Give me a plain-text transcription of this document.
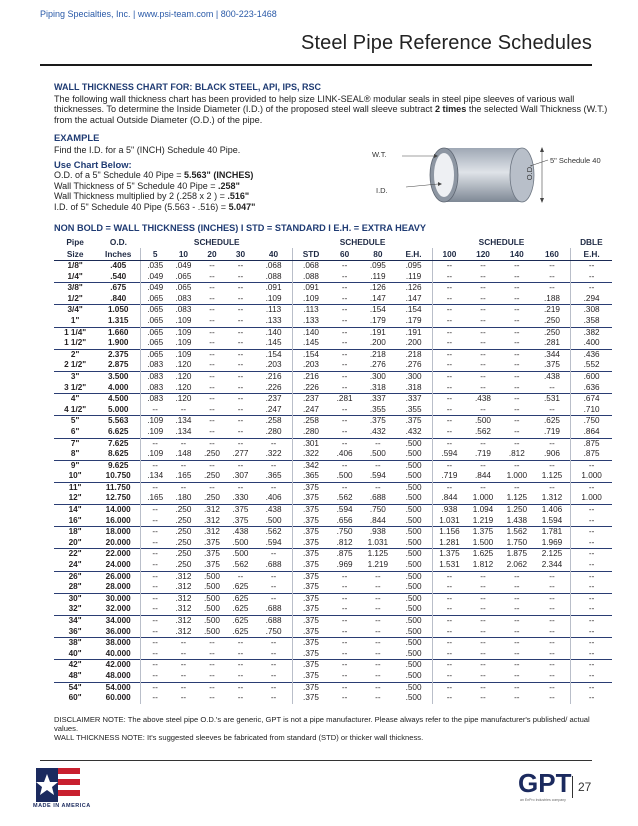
Piping Specialties, Inc. | www.psi-team.com | 800-223-1468
Steel Pipe Reference Schedules
WALL THICKNESS CHART FOR: BLACK STEEL, API, IPS, RSC
The following wall thickness chart has been provided to help size LINK-SEAL® modular seals in steel pipe sleeves of various wall thicknesses. To determine the Inside Diameter (I.D.) of the proposed steel wall sleeve subtract 2 times the selected Wall Thickness (W.T.) from the actual Outside Diameter (O.D.) of the pipe.
EXAMPLE
Find the I.D. for a 5" (INCH) Schedule 40 Pipe.
Use Chart Below:
O.D. of a 5" Schedule 40 Pipe = 5.563" (INCHES)
Wall Thickness of 5" Schedule 40 Pipe = .258"
Wall Thickness multiplied by 2 (.258 x 2 ) = .516"
I.D. of 5" Schedule 40 Pipe (5.563 - .516) = 5.047"
W.T.
I.D.
O.D.
5" Schedule 40
NON BOLD = WALL THICKNESS (INCHES) I STD = STANDARD I E.H. = EXTRA HEAVY
Pipe	O.D.	SCHEDULE					SCHEDULE				SCHEDULE				DBLE
Size	Inches	5	10	20	30	40	STD	60	80	E.H.	100	120	140	160	E.H.
1/8"	.405	.035	.049	--	--	.068	.068	--	.095	.095	--	--	--	--	--
1/4"	.540	.049	.065	--	--	.088	.088	--	.119	.119	--	--	--	--	--
3/8"	.675	.049	.065	--	--	.091	.091	--	.126	.126	--	--	--	--	--
1/2"	.840	.065	.083	--	--	.109	.109	--	.147	.147	--	--	--	.188	.294
3/4"	1.050	.065	.083	--	--	.113	.113	--	.154	.154	--	--	--	.219	.308
1"	1.315	.065	.109	--	--	.133	.133	--	.179	.179	--	--	--	.250	.358
1 1/4"	1.660	.065	.109	--	--	.140	.140	--	.191	.191	--	--	--	.250	.382
1 1/2"	1.900	.065	.109	--	--	.145	.145	--	.200	.200	--	--	--	.281	.400
2"	2.375	.065	.109	--	--	.154	.154	--	.218	.218	--	--	--	.344	.436
2 1/2"	2.875	.083	.120	--	--	.203	.203	--	.276	.276	--	--	--	.375	.552
3"	3.500	.083	.120	--	--	.216	.216	--	.300	.300	--	--	--	.438	.600
3 1/2"	4.000	.083	.120	--	--	.226	.226	--	.318	.318	--	--	--	--	.636
4"	4.500	.083	.120	--	--	.237	.237	.281	.337	.337	--	.438	--	.531	.674
4 1/2"	5.000	--	--	--	--	.247	.247	--	.355	.355	--	--	--	--	.710
5"	5.563	.109	.134	--	--	.258	.258	--	.375	.375	--	.500	--	.625	.750
6"	6.625	.109	.134	--	--	.280	.280	--	.432	.432	--	.562	--	.719	.864
7"	7.625	--	--	--	--	--	.301	--	--	.500	--	--	--	--	.875
8"	8.625	.109	.148	.250	.277	.322	.322	.406	.500	.500	.594	.719	.812	.906	.875
9"	9.625	--	--	--	--	--	.342	--	--	.500	--	--	--	--	--
10"	10.750	.134	.165	.250	.307	.365	.365	.500	.594	.500	.719	.844	1.000	1.125	1.000
11"	11.750	--	--	--	--	--	.375	--	--	.500	--	--	--	--	--
12"	12.750	.165	.180	.250	.330	.406	.375	.562	.688	.500	.844	1.000	1.125	1.312	1.000
14"	14.000	--	.250	.312	.375	.438	.375	.594	.750	.500	.938	1.094	1.250	1.406	--
16"	16.000	--	.250	.312	.375	.500	.375	.656	.844	.500	1.031	1.219	1.438	1.594	--
18"	18.000	--	.250	.312	.438	.562	.375	.750	.938	.500	1.156	1.375	1.562	1.781	--
20"	20.000	--	.250	.375	.500	.594	.375	.812	1.031	.500	1.281	1.500	1.750	1.969	--
22"	22.000	--	.250	.375	.500	--	.375	.875	1.125	.500	1.375	1.625	1.875	2.125	--
24"	24.000	--	.250	.375	.562	.688	.375	.969	1.219	.500	1.531	1.812	2.062	2.344	--
26"	26.000	--	.312	.500	--	--	.375	--	--	.500	--	--	--	--	--
28"	28.000	--	.312	.500	.625	--	.375	--	--	.500	--	--	--	--	--
30"	30.000	--	.312	.500	.625	--	.375	--	--	.500	--	--	--	--	--
32"	32.000	--	.312	.500	.625	.688	.375	--	--	.500	--	--	--	--	--
34"	34.000	--	.312	.500	.625	.688	.375	--	--	.500	--	--	--	--	--
36"	36.000	--	.312	.500	.625	.750	.375	--	--	.500	--	--	--	--	--
38"	38.000	--	--	--	--	--	.375	--	--	.500	--	--	--	--	--
40"	40.000	--	--	--	--	--	.375	--	--	.500	--	--	--	--	--
42"	42.000	--	--	--	--	--	.375	--	--	.500	--	--	--	--	--
48"	48.000	--	--	--	--	--	.375	--	--	.500	--	--	--	--	--
54"	54.000	--	--	--	--	--	.375	--	--	.500	--	--	--	--	--
60"	60.000	--	--	--	--	--	.375	--	--	.500	--	--	--	--	--
DISCLAIMER NOTE: The above steel pipe O.D.'s are generic, GPT is not a pipe manufacturer. Please always refer to the pipe manufacturer's published/ actual values.
WALL THICKNESS NOTE: It's suggested sleeves be fabricated from standard (STD) or thicker wall thickness.
MADE IN AMERICA
GPT
an EnPro Industries company
27
